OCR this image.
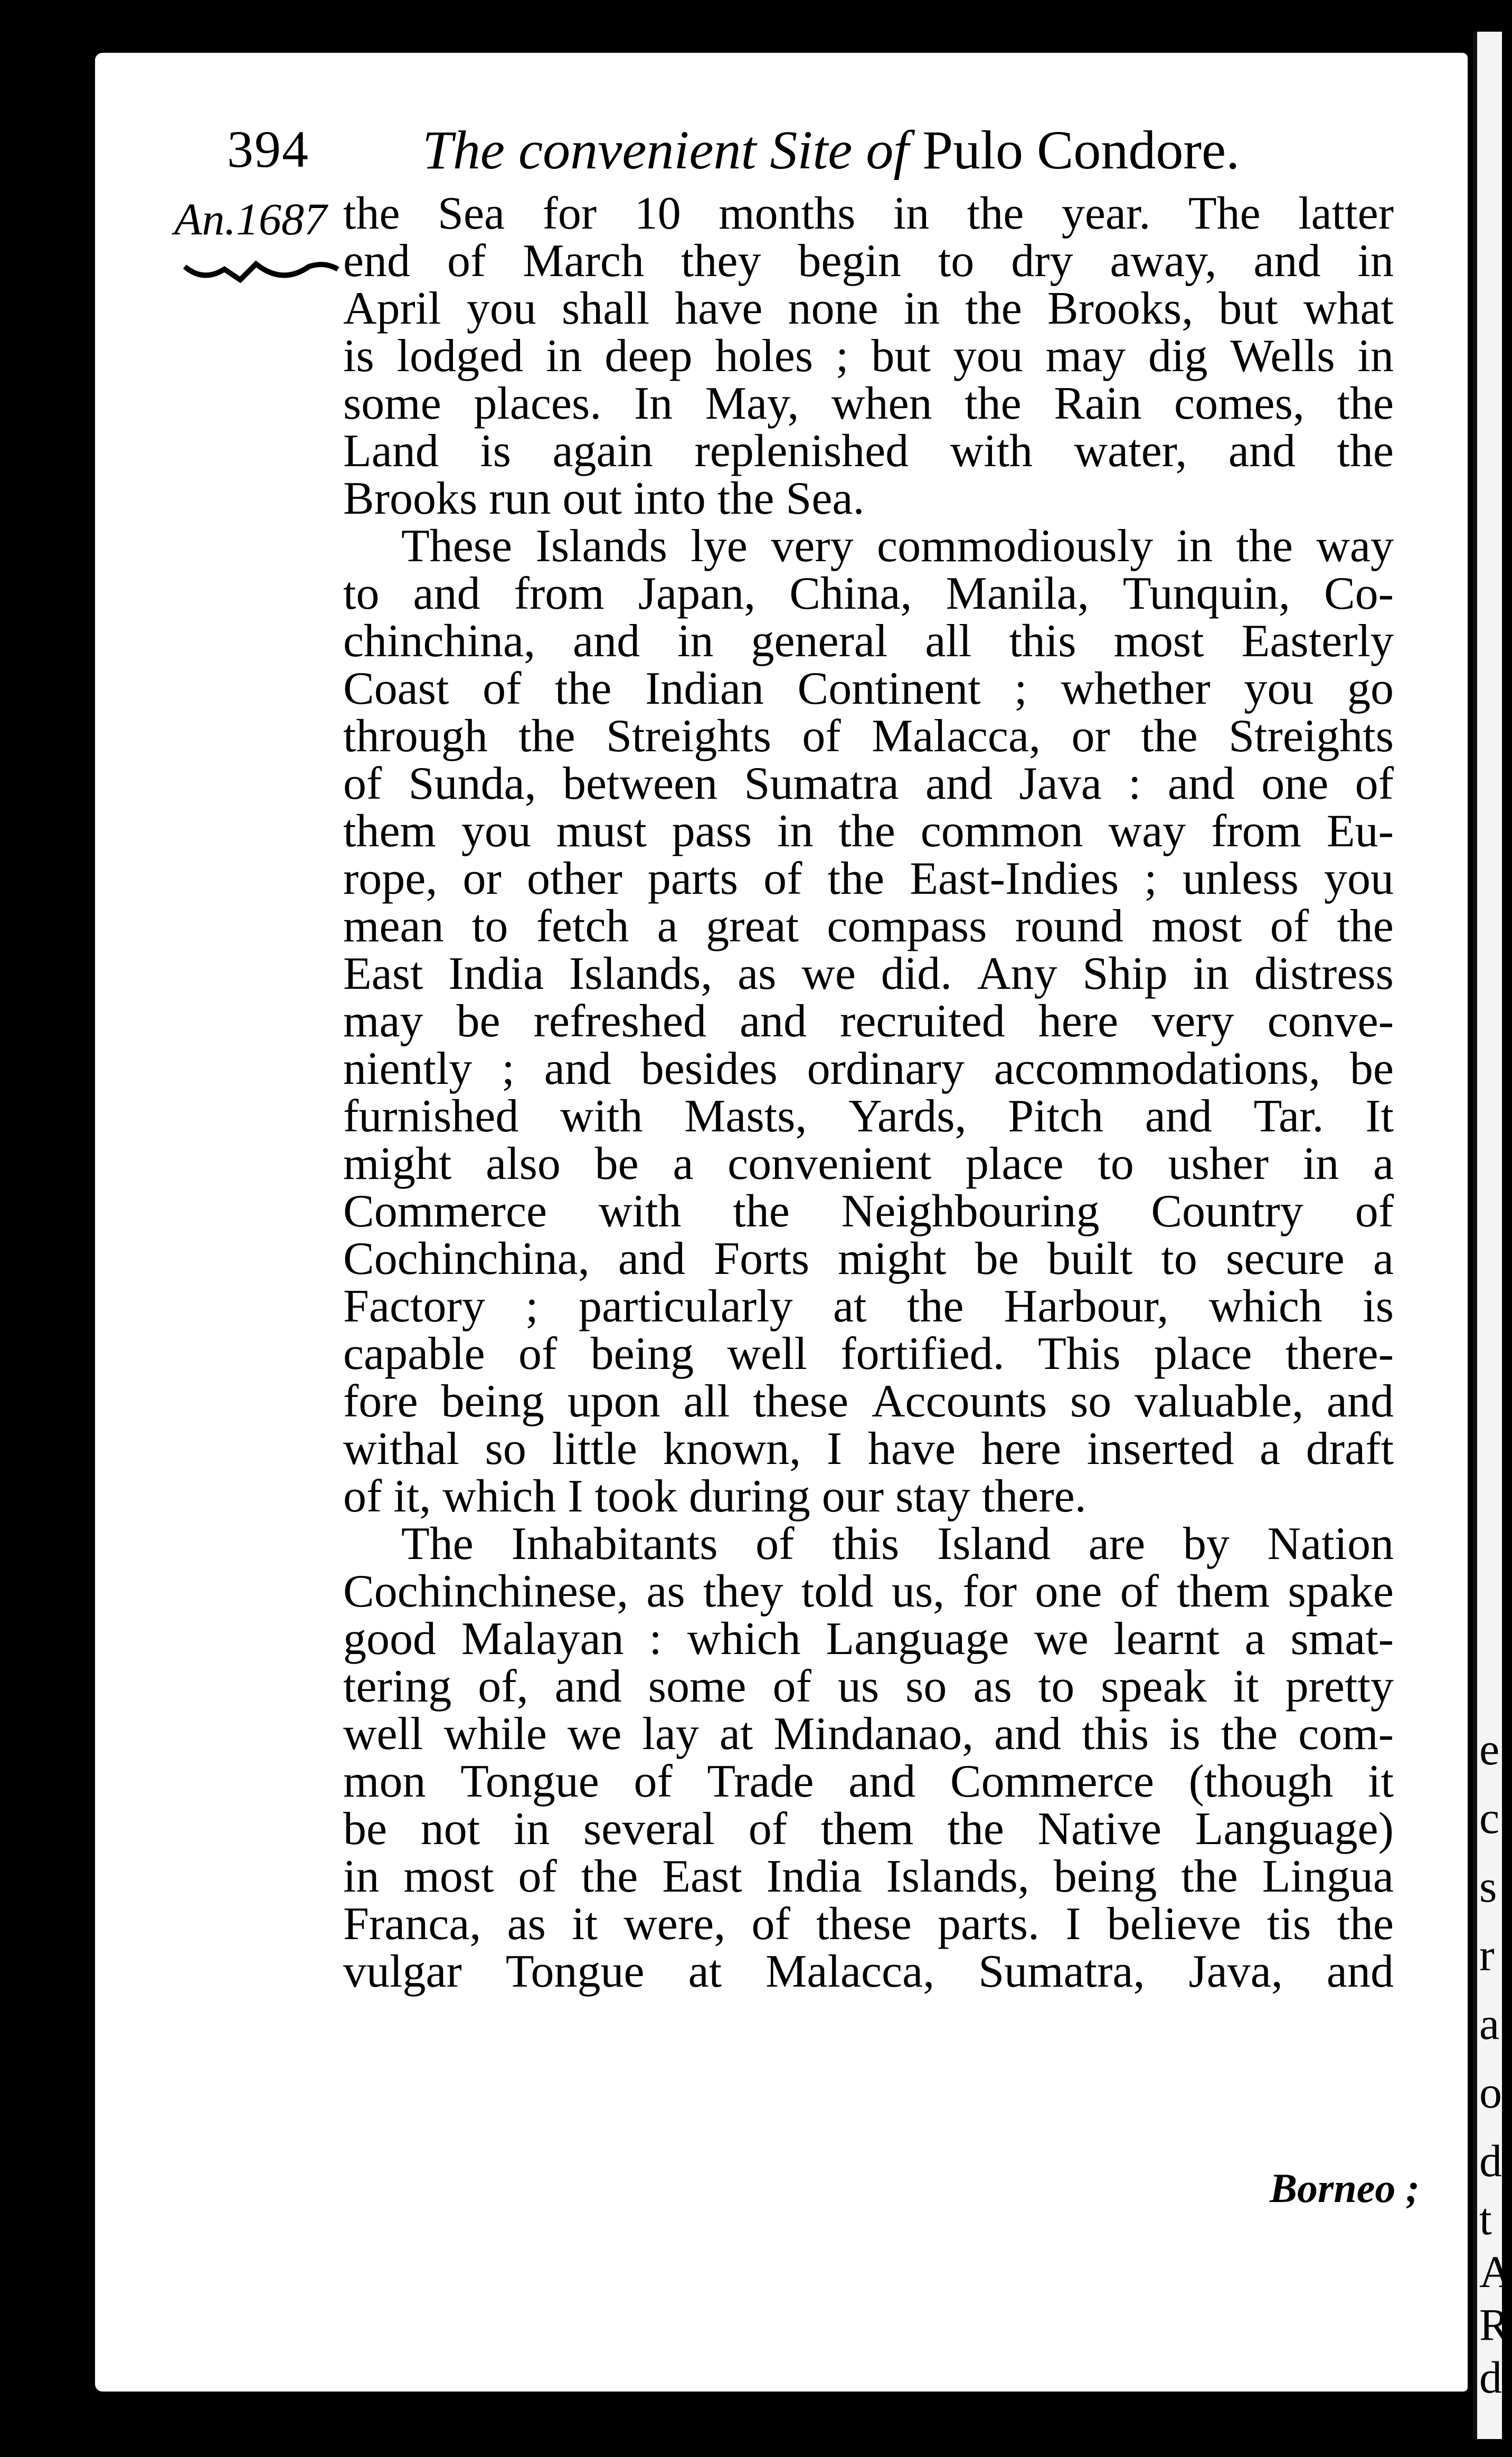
e
c
s
r
a
o
d
t
A
R
d
394 The convenient Site of Pulo Condore.
An.1687 the Sea for 10 months in the year. The latter
end of March they begin to dry away, and in
April you shall have none in the Brooks, but what
is lodged in deep holes ; but you may dig Wells in
some places. In May, when the Rain comes, the
Land is again replenished with water, and the
Brooks run out into the Sea.
These Islands lye very commodiously in the way
to and from Japan, China, Manila, Tunquin, Co-
chinchina, and in general all this most Easterly
Coast of the Indian Continent ; whether you go
through the Streights of Malacca, or the Streights
of Sunda, between Sumatra and Java : and one of
them you must pass in the common way from Eu-
rope, or other parts of the East-Indies ; unless you
mean to fetch a great compass round most of the
East India Islands, as we did. Any Ship in distress
may be refreshed and recruited here very conve-
niently ; and besides ordinary accommodations, be
furnished with Masts, Yards, Pitch and Tar. It
might also be a convenient place to usher in a
Commerce with the Neighbouring Country of
Cochinchina, and Forts might be built to secure a
Factory ; particularly at the Harbour, which is
capable of being well fortified. This place there-
fore being upon all these Accounts so valuable, and
withal so little known, I have here inserted a draft
of it, which I took during our stay there.
The Inhabitants of this Island are by Nation
Cochinchinese, as they told us, for one of them spake
good Malayan : which Language we learnt a smat-
tering of, and some of us so as to speak it pretty
well while we lay at Mindanao, and this is the com-
mon Tongue of Trade and Commerce (though it
be not in several of them the Native Language)
in most of the East India Islands, being the Lingua
Franca, as it were, of these parts. I believe tis the
vulgar Tongue at Malacca, Sumatra, Java, and
Borneo ;
